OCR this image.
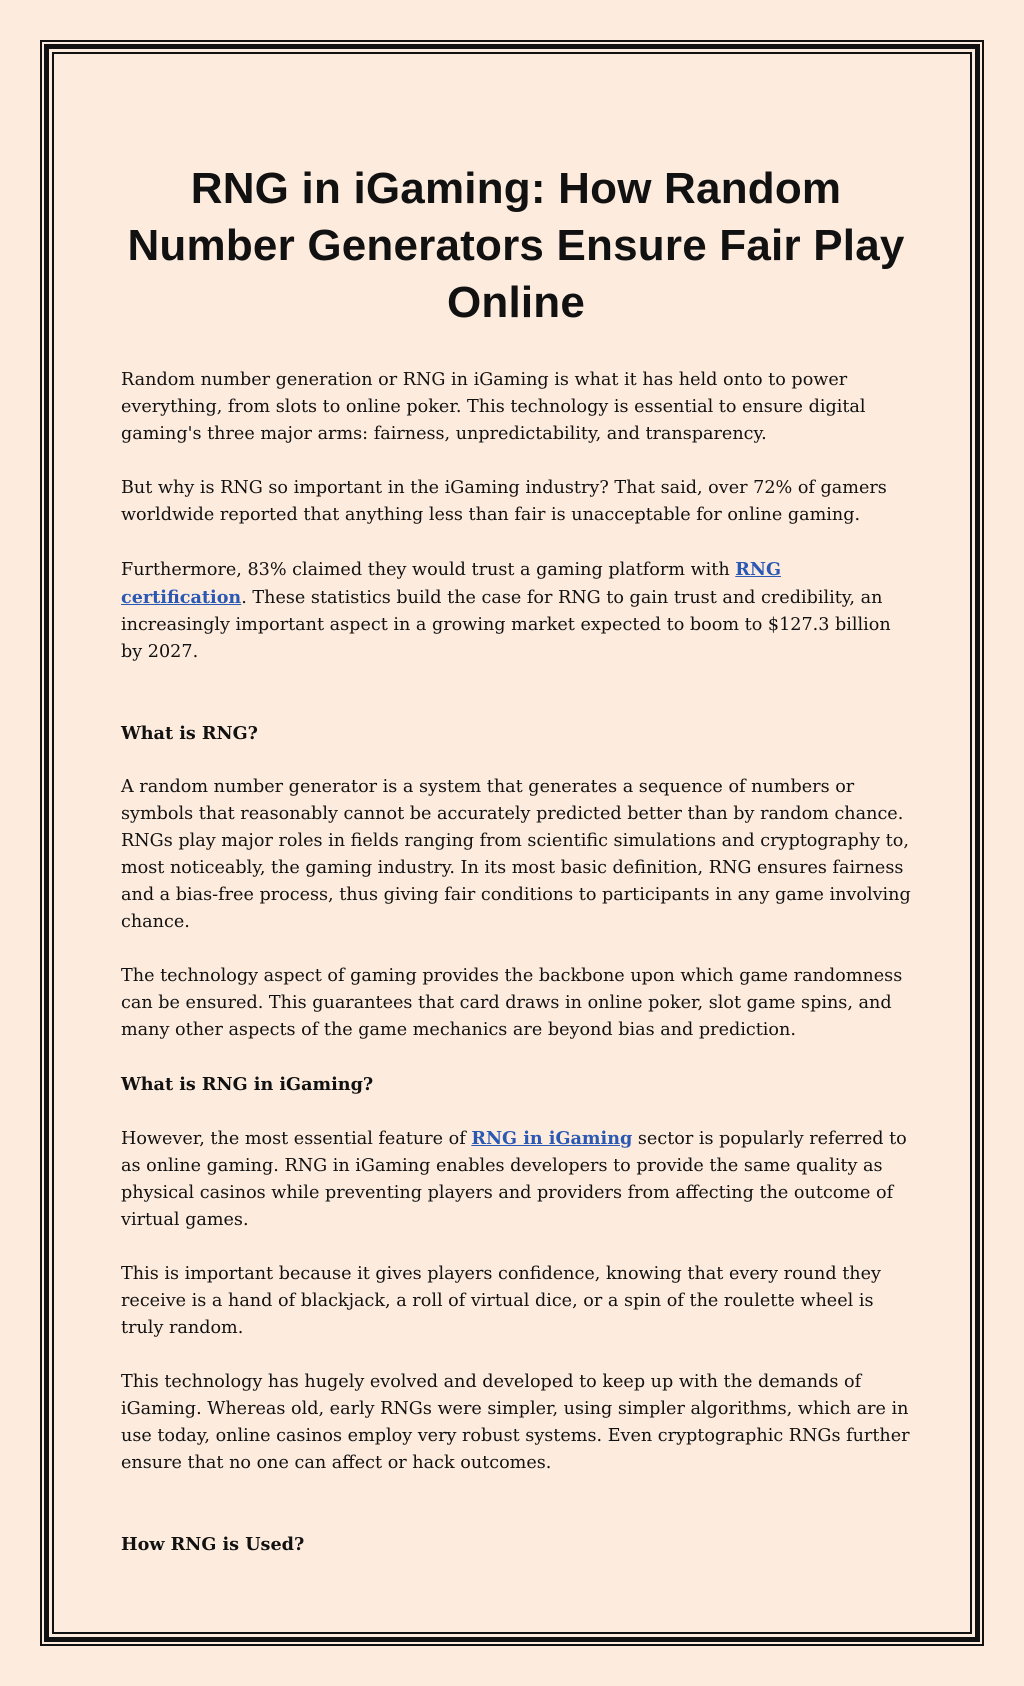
RNG in iGaming: How Random Number Generators Ensure Fair Play Online

Random number generation or RNG in iGaming is what it has held onto to power everything, from slots to online poker. This technology is essential to ensure digital gaming's three major arms: fairness, unpredictability, and transparency.

But why is RNG so important in the iGaming industry? That said, over 72% of gamers worldwide reported that anything less than fair is unacceptable for online gaming.

Furthermore, 83% claimed they would trust a gaming platform with RNG certification. These statistics build the case for RNG to gain trust and credibility, an increasingly important aspect in a growing market expected to boom to $127.3 billion by 2027.

What is RNG?

A random number generator is a system that generates a sequence of numbers or symbols that reasonably cannot be accurately predicted better than by random chance. RNGs play major roles in fields ranging from scientific simulations and cryptography to, most noticeably, the gaming industry. In its most basic definition, RNG ensures fairness and a bias-free process, thus giving fair conditions to participants in any game involving chance.

The technology aspect of gaming provides the backbone upon which game randomness can be ensured. This guarantees that card draws in online poker, slot game spins, and many other aspects of the game mechanics are beyond bias and prediction.

What is RNG in iGaming?

However, the most essential feature of RNG in iGaming sector is popularly referred to as online gaming. RNG in iGaming enables developers to provide the same quality as physical casinos while preventing players and providers from affecting the outcome of virtual games.

This is important because it gives players confidence, knowing that every round they receive is a hand of blackjack, a roll of virtual dice, or a spin of the roulette wheel is truly random.

This technology has hugely evolved and developed to keep up with the demands of iGaming. Whereas old, early RNGs were simpler, using simpler algorithms, which are in use today, online casinos employ very robust systems. Even cryptographic RNGs further ensure that no one can affect or hack outcomes.

How RNG is Used?
